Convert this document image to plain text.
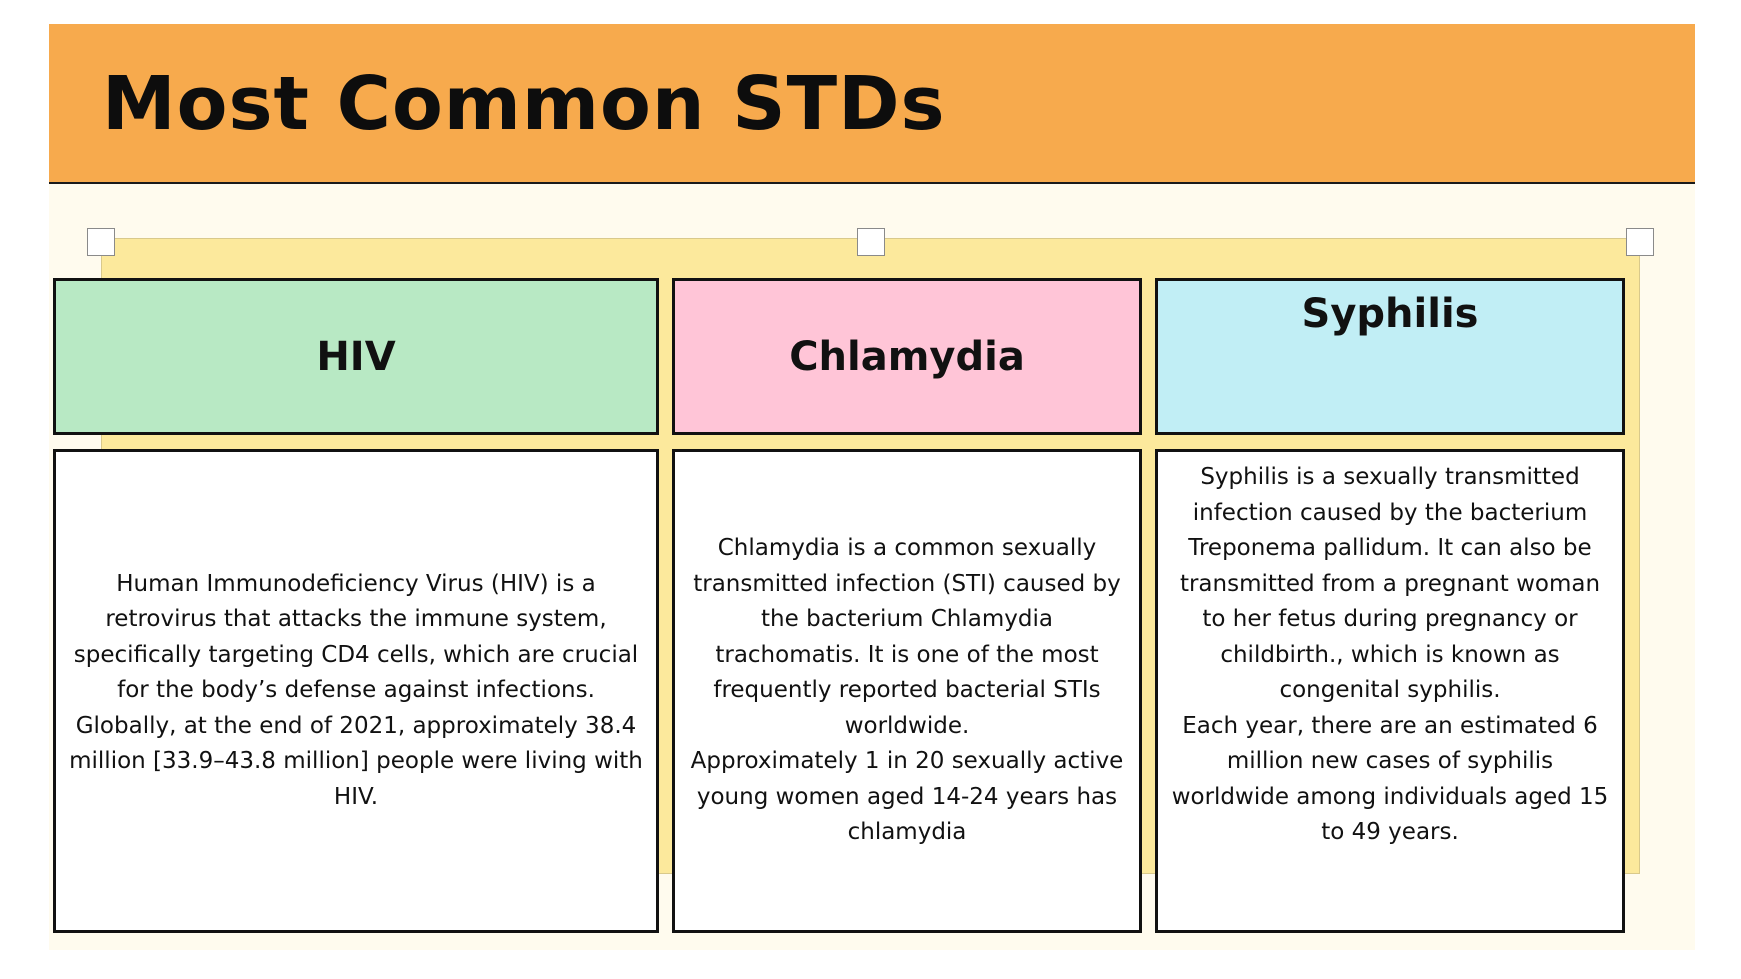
Most Common STDs
HIV	Chlamydia
Syphilis

Human Immunodeficiency Virus (HIV) is a retrovirus that attacks the immune system, specifically targeting CD4 cells, which are crucial for the body’s defense against infections.

Globally, at the end of 2021, approximately 38.4 million [33.9–43.8 million] people were living with HIV.

Chlamydia is a common sexually transmitted infection (STI) caused by the bacterium Chlamydia trachomatis. It is one of the most frequently reported bacterial STIs worldwide.

Approximately 1 in 20 sexually active young women aged 14-24 years has chlamydia

Syphilis is a sexually transmitted infection caused by the bacterium Treponema pallidum. It can also be transmitted from a pregnant woman to her fetus during pregnancy or childbirth., which is known as congenital syphilis.

Each year, there are an estimated 6 million new cases of syphilis worldwide among individuals aged 15 to 49 years.
